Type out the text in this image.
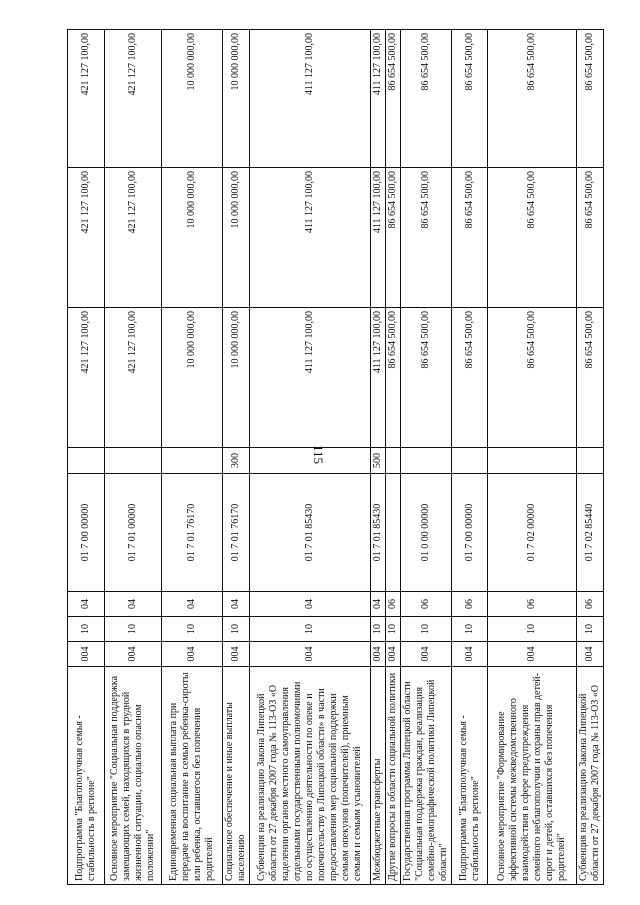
115
Подпрограмма "Благополучная семья - стабильность в регионе"	004	10	04	01 7 00 00000		421 127 100,00	421 127 100,00	421 127 100,00
Основное мероприятие "Социальная поддержка замещающих семей, находящихся в трудной жизненной ситуации, социально опасном положении"	004	10	04	01 7 01 00000		421 127 100,00	421 127 100,00	421 127 100,00
Единовременная социальная выплата при передаче на воспитание в семью ребенка-сироты или ребенка, оставшегося без попечения родителей	004	10	04	01 7 01 76170		10 000 000,00	10 000 000,00	10 000 000,00
Социальное обеспечение и иные выплаты населению	004	10	04	01 7 01 76170	300	10 000 000,00	10 000 000,00	10 000 000,00
Субвенция на реализацию Закона Липецкой области от 27 декабря 2007 года № 113-ОЗ «О наделении органов местного самоуправления отдельными государственными полномочиями по осуществлению деятельности по опеке и попечительству в Липецкой области» в части предоставления мер социальной поддержки семьям опекунов (попечителей), приемным семьям и семьям усыновителей	004	10	04	01 7 01 85430		411 127 100,00	411 127 100,00	411 127 100,00
Межбюджетные трансферты	004	10	04	01 7 01 85430	500	411 127 100,00	411 127 100,00	411 127 100,00
Другие вопросы в области социальной политики	004	10	06			86 654 500,00	86 654 500,00	86 654 500,00
Государственная программа Липецкой области "Социальная поддержка граждан, реализация семейно-демографической политики Липецкой области"	004	10	06	01 0 00 00000		86 654 500,00	86 654 500,00	86 654 500,00
Подпрограмма "Благополучная семья - стабильность в регионе"	004	10	06	01 7 00 00000		86 654 500,00	86 654 500,00	86 654 500,00
Основное мероприятие "Формирование эффективной системы межведомственного взаимодействия в сфере предупреждения семейного неблагополучия и охраны прав детей-сирот и детей, оставшихся без попечения родителей"	004	10	06	01 7 02 00000		86 654 500,00	86 654 500,00	86 654 500,00
Субвенция на реализацию Закона Липецкой области от 27 декабря 2007 года № 113-ОЗ «О	004	10	06	01 7 02 85440		86 654 500,00	86 654 500,00	86 654 500,00
